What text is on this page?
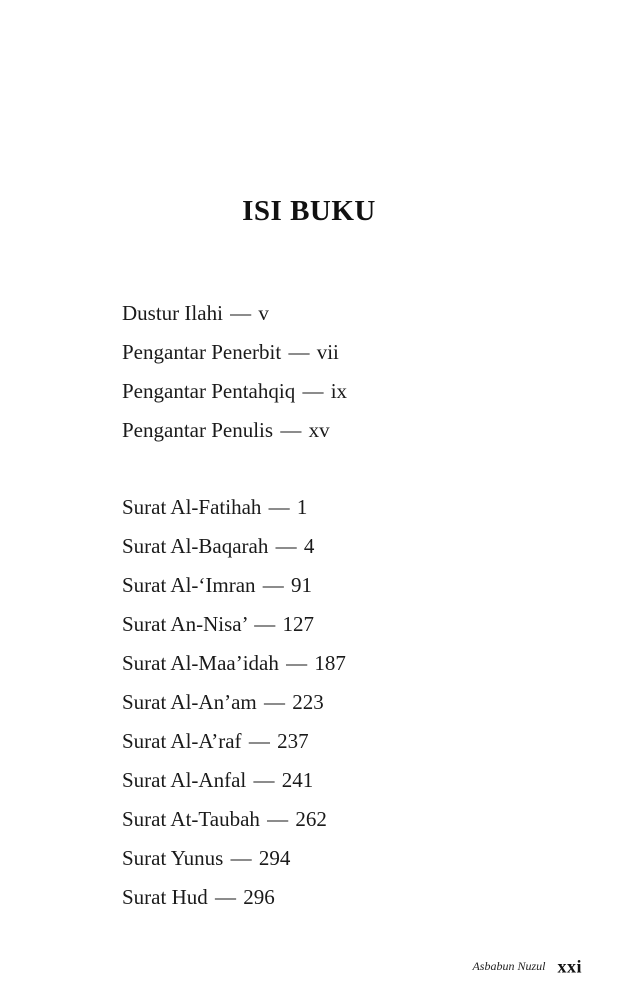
ISI BUKU
Dustur Ilahi — v
Pengantar Penerbit — vii
Pengantar Pentahqiq — ix
Pengantar Penulis — xv
Surat Al-Fatihah — 1
Surat Al-Baqarah — 4
Surat Al-‘Imran — 91
Surat An-Nisa’ — 127
Surat Al-Maa’idah — 187
Surat Al-An’am — 223
Surat Al-A’raf — 237
Surat Al-Anfal — 241
Surat At-Taubah — 262
Surat Yunus — 294
Surat Hud — 296
Asbabun Nuzul xxi
